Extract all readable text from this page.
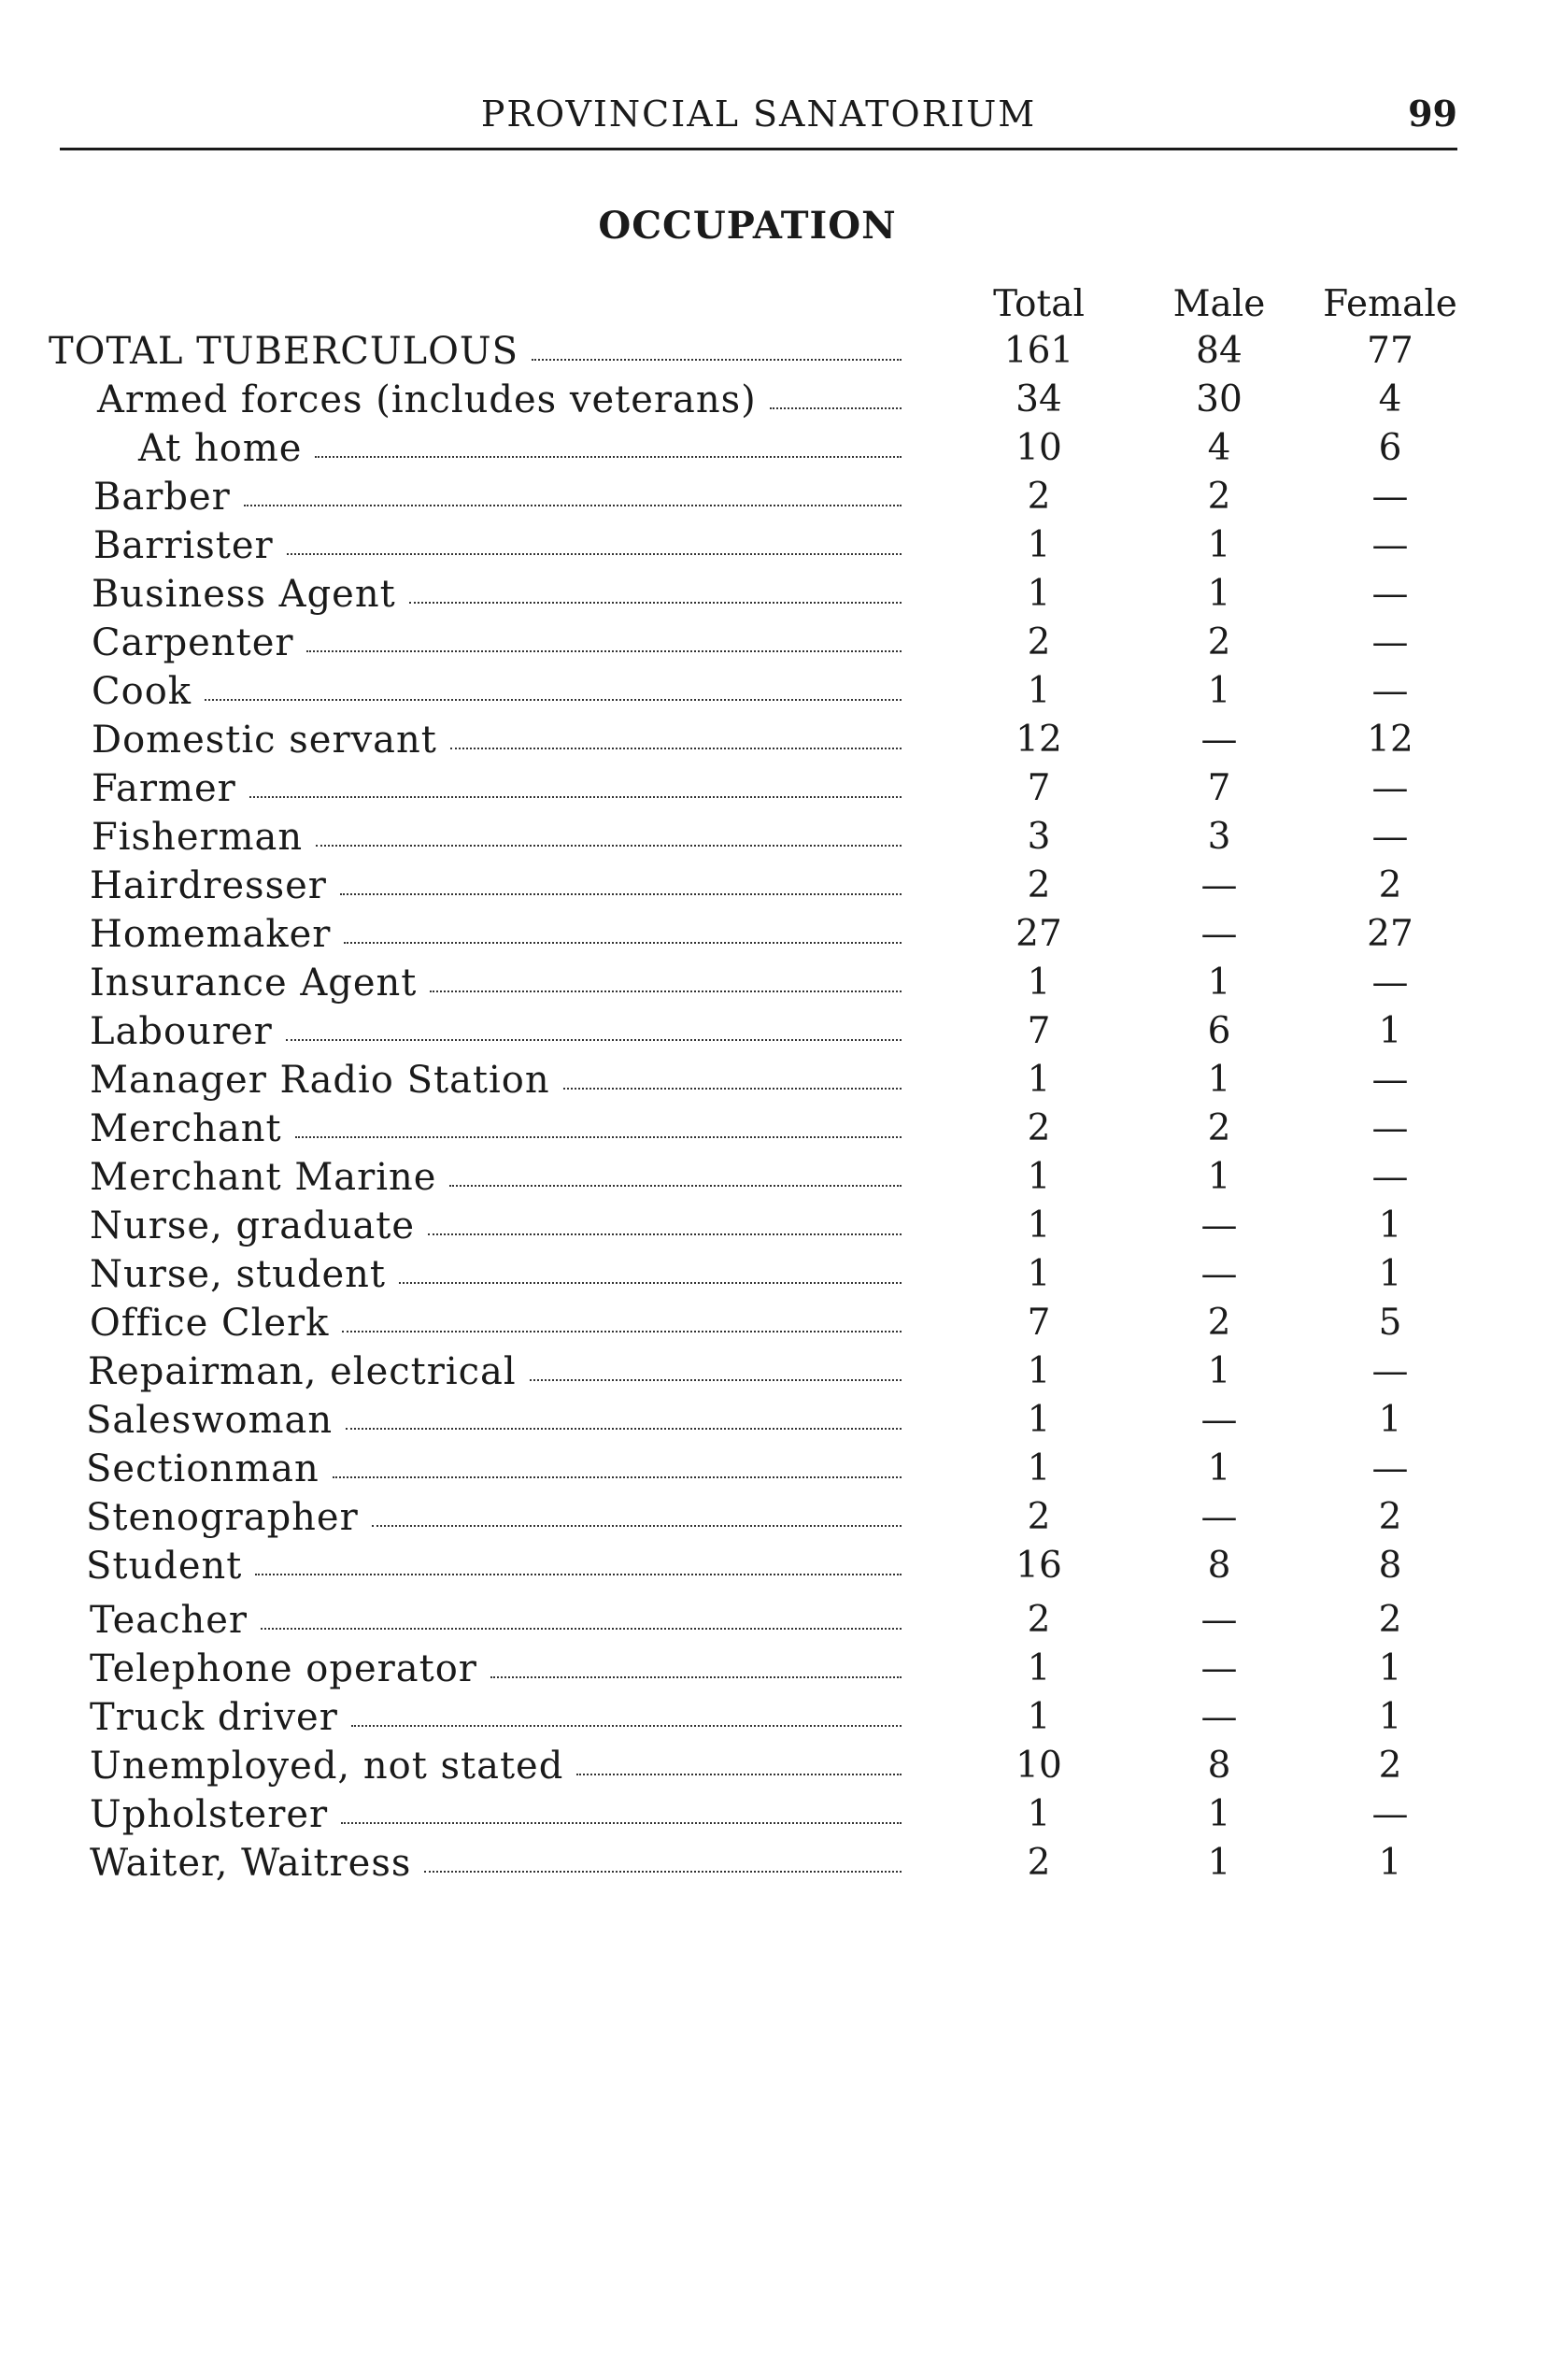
PROVINCIAL SANATORIUM	99
OCCUPATION
Total	Male	Female
TOTAL TUBERCULOUS	161	84	77
Armed forces (includes veterans)	34	30	4
At home	10	4	6
Barber	2	2	—
Barrister	1	1	—
Business Agent	1	1	—
Carpenter	2	2	—
Cook	1	1	—
Domestic servant	12	—	12
Farmer	7	7	—
Fisherman	3	3	—
Hairdresser	2	—	2
Homemaker	27	—	27
Insurance Agent	1	1	—
Labourer	7	6	1
Manager Radio Station	1	1	—
Merchant	2	2	—
Merchant Marine	1	1	—
Nurse, graduate	1	—	1
Nurse, student	1	—	1
Office Clerk	7	2	5
Repairman, electrical	1	1	—
Saleswoman	1	—	1
Sectionman	1	1	—
Stenographer	2	—	2
Student	16	8	8
Teacher	2	—	2
Telephone operator	1	—	1
Truck driver	1	—	1
Unemployed, not stated	10	8	2
Upholsterer	1	1	—
Waiter, Waitress	2	1	1
